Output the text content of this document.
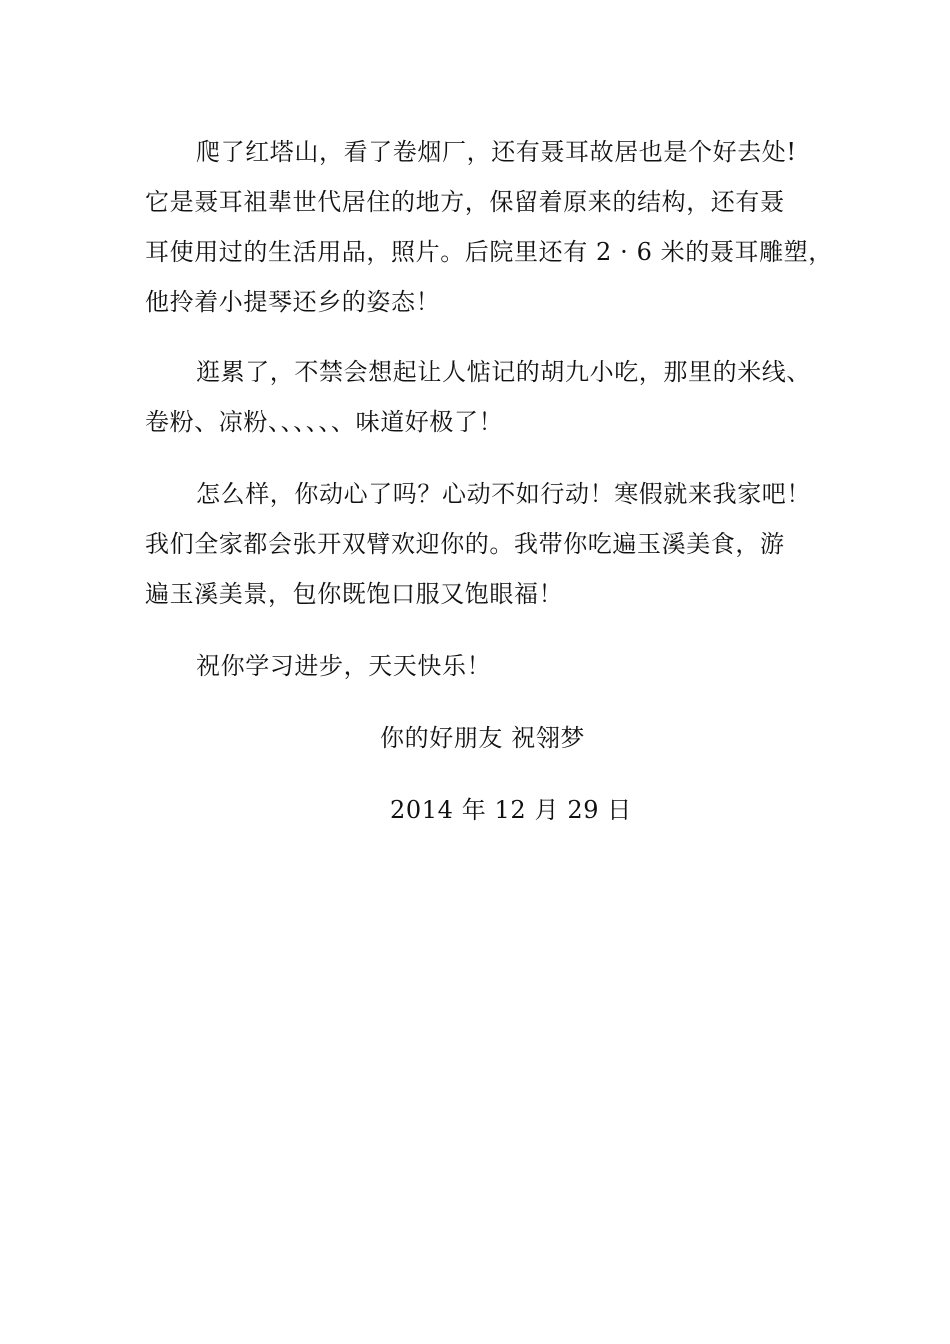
爬了红塔山，看了卷烟厂，还有聂耳故居也是个好去处!
它是聂耳祖辈世代居住的地方，保留着原来的结构，还有聂
耳使用过的生活用品，照片。后院里还有 2 · 6 米的聂耳雕塑，
他拎着小提琴还乡的姿态！
逛累了，不禁会想起让人惦记的胡九小吃，那里的米线、
卷粉、凉粉、、、、、、味道好极了！
怎么样，你动心了吗？心动不如行动！寒假就来我家吧！
我们全家都会张开双臂欢迎你的。我带你吃遍玉溪美食，游
遍玉溪美景，包你既饱口服又饱眼福！
祝你学习进步，天天快乐！
你的好朋友 祝翎梦
2014 年 12 月 29 日
